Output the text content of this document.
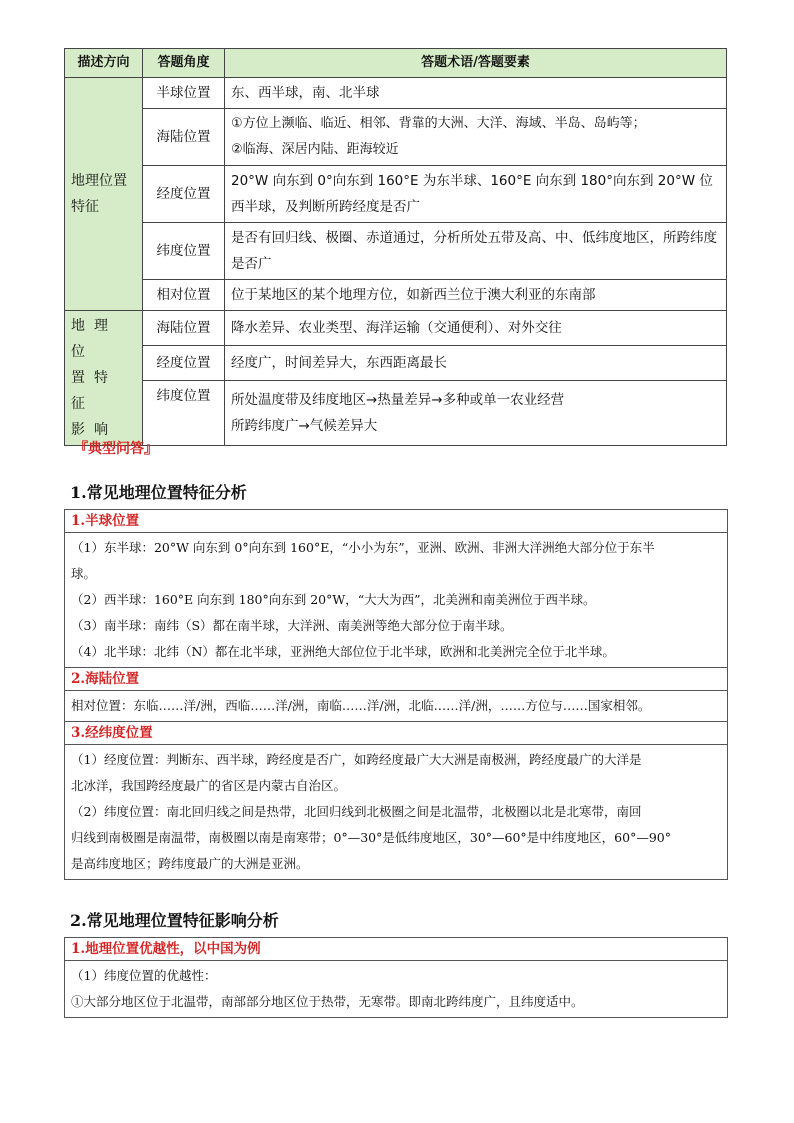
描述方向	答题角度	答题术语/答题要素

地理位置
特征	半球位置	东、西半球，南、北半球
	海陆位置	①方位上濒临、临近、相邻、背靠的大洲、大洋、海域、半岛、岛屿等；
②临海、深居内陆、距海较近

	经度位置	20°W 向东到 0°向东到 160°E 为东半球、160°E 向东到 180°向东到 20°W 位西半球，及判断所跨经度是否广
	纬度位置	是否有回归线、极圈、赤道通过，分析所处五带及高、中、低纬度地区，所跨纬度是否广
	相对位置	位于某地区的某个地理方位，如新西兰位于澳大利亚的东南部

地理位
置特征
影响	海陆位置	降水差异、农业类型、海洋运输（交通便利）、对外交往
	经度位置	经度广，时间差异大，东西距离最长
	纬度位置	所处温度带及纬度地区→热量差异→多种或单一农业经营
所跨纬度广→气候差异大
『典型问答』
1.常见地理位置特征分析
1.半球位置

（1）东半球：20°W 向东到 0°向东到 160°E，“小小为东”，亚洲、欧洲、非洲大洋洲绝大部分位于东半

球。

（2）西半球：160°E 向东到 180°向东到 20°W，“大大为西”，北美洲和南美洲位于西半球。

（3）南半球：南纬（S）都在南半球，大洋洲、南美洲等绝大部分位于南半球。

（4）北半球：北纬（N）都在北半球，亚洲绝大部位位于北半球，欧洲和北美洲完全位于北半球。

2.海陆位置

相对位置：东临……洋/洲，西临……洋/洲，南临……洋/洲，北临……洋/洲，……方位与……国家相邻。

3.经纬度位置

（1）经度位置：判断东、西半球，跨经度是否广，如跨经度最广大大洲是南极洲，跨经度最广的大洋是

北冰洋，我国跨经度最广的省区是内蒙古自治区。

（2）纬度位置：南北回归线之间是热带，北回归线到北极圈之间是北温带，北极圈以北是北寒带，南回

归线到南极圈是南温带，南极圈以南是南寒带；0°—30°是低纬度地区，30°—60°是中纬度地区，60°—90°

是高纬度地区；跨纬度最广的大洲是亚洲。

2.常见地理位置特征影响分析
1.地理位置优越性，以中国为例

（1）纬度位置的优越性：

①大部分地区位于北温带，南部部分地区位于热带，无寒带。即南北跨纬度广，且纬度适中。
